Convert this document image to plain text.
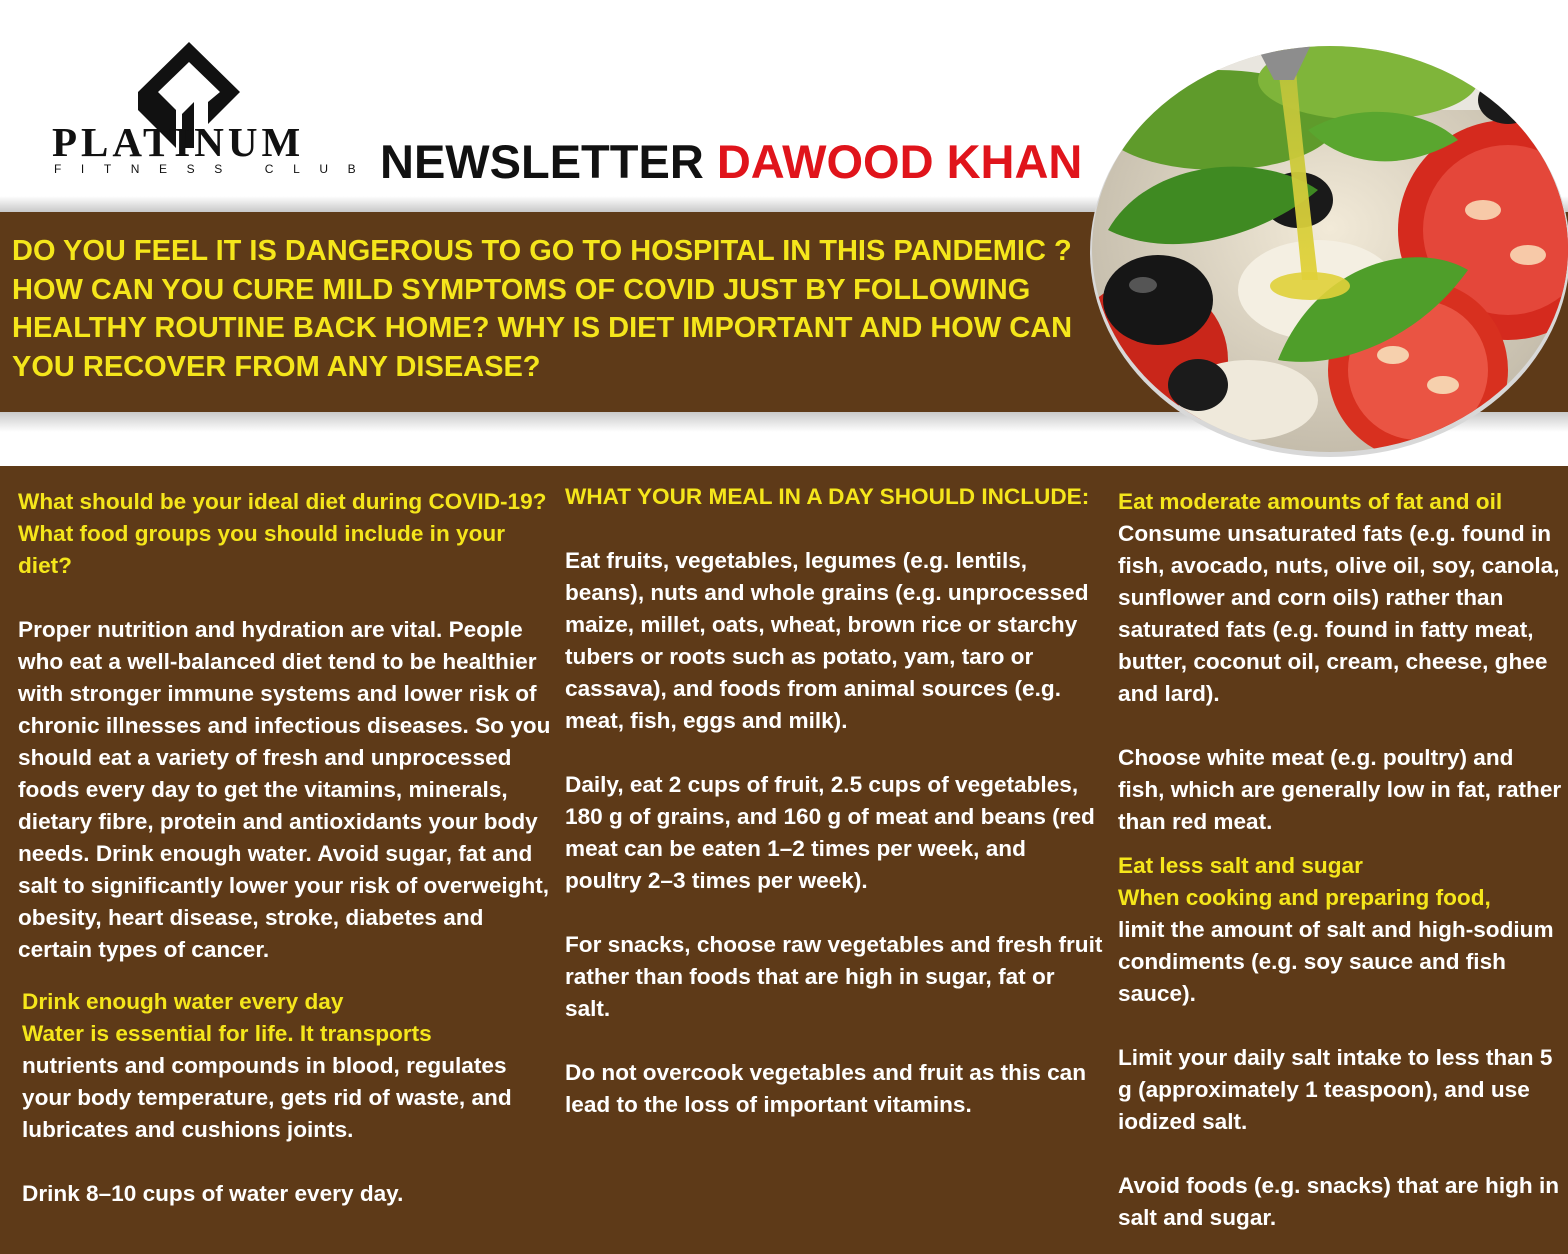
PLATINUM
FITNESS CLUB NEWSLETTER DAWOOD KHAN
DO YOU FEEL IT IS DANGEROUS TO GO TO HOSPITAL IN THIS PANDEMIC ? HOW CAN YOU CURE MILD SYMPTOMS OF COVID JUST BY FOLLOWING HEALTHY ROUTINE BACK HOME? WHY IS DIET IMPORTANT AND HOW CAN YOU RECOVER FROM ANY DISEASE?

What should be your ideal diet during COVID-19? What food groups you should include in your diet?

Proper nutrition and hydration are vital. People who eat a well-balanced diet tend to be healthier with stronger immune systems and lower risk of chronic illnesses and infectious diseases. So you should eat a variety of fresh and unprocessed foods every day to get the vitamins, minerals, dietary fibre, protein and antioxidants your body needs. Drink enough water. Avoid sugar, fat and salt to significantly lower your risk of overweight, obesity, heart disease, stroke, diabetes and certain types of cancer.

Drink enough water every day

Water is essential for life. It transports

nutrients and compounds in blood, regulates your body temperature, gets rid of waste, and lubricates and cushions joints.

Drink 8–10 cups of water every day.

WHAT YOUR MEAL IN A DAY SHOULD INCLUDE:

Eat fruits, vegetables, legumes (e.g. lentils, beans), nuts and whole grains (e.g. unprocessed maize, millet, oats, wheat, brown rice or starchy tubers or roots such as potato, yam, taro or cassava), and foods from animal sources (e.g. meat, fish, eggs and milk).

Daily, eat 2 cups of fruit, 2.5 cups of vegetables, 180 g of grains, and 160 g of meat and beans (red meat can be eaten 1–2 times per week, and poultry 2–3 times per week).

For snacks, choose raw vegetables and fresh fruit rather than foods that are high in sugar, fat or salt.

Do not overcook vegetables and fruit as this can lead to the loss of important vitamins.

Eat moderate amounts of fat and oil

Consume unsaturated fats (e.g. found in fish, avocado, nuts, olive oil, soy, canola, sunflower and corn oils) rather than saturated fats (e.g. found in fatty meat, butter, coconut oil, cream, cheese, ghee and lard).

Choose white meat (e.g. poultry) and fish, which are generally low in fat, rather than red meat.

Eat less salt and sugar

When cooking and preparing food,

limit the amount of salt and high-sodium condiments (e.g. soy sauce and fish sauce).

Limit your daily salt intake to less than 5 g (approximately 1 teaspoon), and use iodized salt.

Avoid foods (e.g. snacks) that are high in salt and sugar.
